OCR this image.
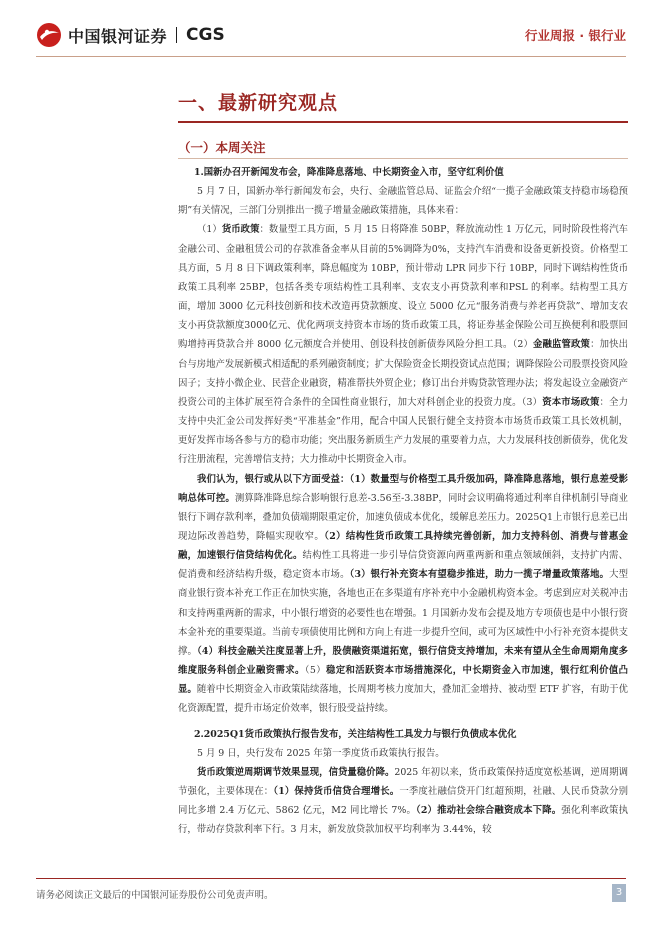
中国银河证券 CGS	行业周报 · 银行业
一、最新研究观点
（一）本周关注

1.国新办召开新闻发布会，降准降息落地、中长期资金入市，坚守红利价值

5 月 7 日，国新办举行新闻发布会，央行、金融监管总局、证监会介绍“一揽子金融政策支持稳市场稳预期”有关情况，三部门分别推出一揽子增量金融政策措施，具体来看：

（1）货币政策：数量型工具方面，5 月 15 日将降准 50BP，释放流动性 1 万亿元，同时阶段性将汽车金融公司、金融租赁公司的存款准备金率从目前的5%调降为0%，支持汽车消费和设备更新投资。价格型工具方面，5 月 8 日下调政策利率，降息幅度为 10BP，预计带动 LPR 同步下行 10BP，同时下调结构性货币政策工具利率 25BP，包括各类专项结构性工具利率、支农支小再贷款利率和PSL 的利率。结构型工具方面，增加 3000 亿元科技创新和技术改造再贷款额度、设立 5000 亿元“服务消费与养老再贷款”、增加支农支小再贷款额度3000亿元、优化两项支持资本市场的货币政策工具，将证券基金保险公司互换便利和股票回购增持再贷款合并 8000 亿元额度合并使用、创设科技创新债券风险分担工具。（2）金融监管政策：加快出台与房地产发展新模式相适配的系列融资制度；扩大保险资金长期投资试点范围；调降保险公司股票投资风险因子；支持小微企业、民营企业融资，精准帮扶外贸企业；修订出台并购贷款管理办法；将发起设立金融资产投资公司的主体扩展至符合条件的全国性商业银行，加大对科创企业的投资力度。（3）资本市场政策：全力支持中央汇金公司发挥好类“平准基金”作用，配合中国人民银行健全支持资本市场货币政策工具长效机制，更好发挥市场各参与方的稳市功能；突出服务新质生产力发展的重要着力点，大力发展科技创新债券，优化发行注册流程，完善增信支持；大力推动中长期资金入市。

我们认为，银行或从以下方面受益：（1）数量型与价格型工具升级加码，降准降息落地，银行息差受影响总体可控。测算降准降息综合影响银行息差-3.56至-3.38BP，同时会议明确将通过利率自律机制引导商业银行下调存款利率，叠加负债端期限重定价，加速负债成本优化，缓解息差压力。2025Q1上市银行息差已出现边际改善趋势，降幅实现收窄。（2）结构性货币政策工具持续完善创新，加力支持科创、消费与普惠金融，加速银行信贷结构优化。结构性工具将进一步引导信贷资源向两重两新和重点领域倾斜，支持扩内需、促消费和经济结构升级，稳定资本市场。（3）银行补充资本有望稳步推进，助力一揽子增量政策落地。大型商业银行资本补充工作正在加快实施，各地也正在多渠道有序补充中小金融机构资本金。考虑到应对关税冲击和支持两重两新的需求，中小银行增资的必要性也在增强。1 月国新办发布会提及地方专项债也是中小银行资本金补充的重要渠道。当前专项债使用比例和方向上有进一步提升空间，或可为区域性中小行补充资本提供支撑。（4）科技金融关注度显著上升，股债融资渠道拓宽，银行信贷支持增加，未来有望从全生命周期角度多维度服务科创企业融资需求。（5）稳定和活跃资本市场措施深化，中长期资金入市加速，银行红利价值凸显。随着中长期资金入市政策陆续落地，长周期考核力度加大，叠加汇金增持、被动型 ETF 扩容，有助于优化资源配置，提升市场定价效率，银行股受益持续。

2.2025Q1货币政策执行报告发布，关注结构性工具发力与银行负债成本优化

5 月 9 日，央行发布 2025 年第一季度货币政策执行报告。

货币政策逆周期调节效果显现，信贷量稳价降。2025 年初以来，货币政策保持适度宽松基调，逆周期调节强化，主要体现在：（1）保持货币信贷合理增长。一季度社融信贷开门红超预期，社融、人民币贷款分别同比多增 2.4 万亿元、5862 亿元，M2 同比增长 7%。（2）推动社会综合融资成本下降。强化利率政策执行，带动存贷款利率下行。3 月末，新发放贷款加权平均利率为 3.44%，较

请务必阅读正文最后的中国银河证券股份公司免责声明。	3
